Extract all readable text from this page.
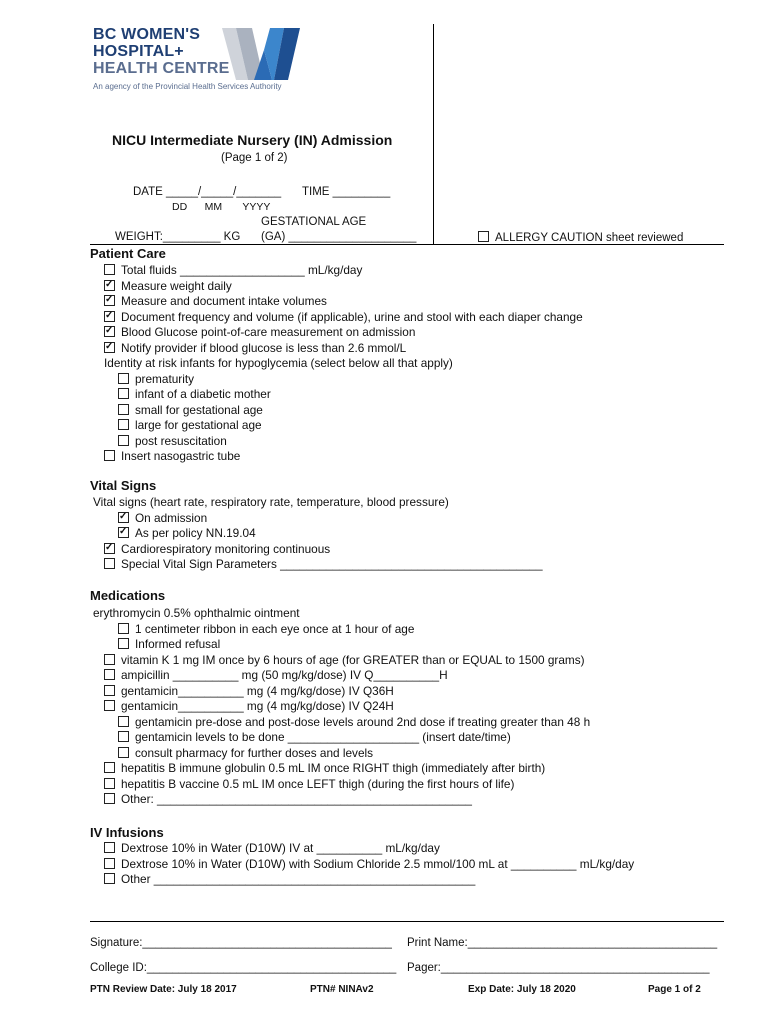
BC WOMEN'S
HOSPITAL+
HEALTH CENTRE
An agency of the Provincial Health Services Authority
NICU Intermediate Nursery (IN) Admission
(Page 1 of 2)
DATE _____/_____/_______ TIME _________
DD      MM       YYYY
GESTATIONAL AGE
WEIGHT:_________ KG (GA) ____________________	ALLERGY CAUTION sheet reviewed
Patient Care
Total fluids ___________________ mL/kg/day
✓Measure weight daily
✓Measure and document intake volumes
✓Document frequency and volume (if applicable), urine and stool with each diaper change
✓Blood Glucose point-of-care measurement on admission
✓Notify provider if blood glucose is less than 2.6 mmol/L
Identity at risk infants for hypoglycemia (select below all that apply)
prematurity
infant of a diabetic mother
small for gestational age
large for gestational age
post resuscitation
Insert nasogastric tube
Vital Signs
Vital signs (heart rate, respiratory rate, temperature, blood pressure)
✓On admission
✓As per policy NN.19.04
✓Cardiorespiratory monitoring continuous
Special Vital Sign Parameters ________________________________________
Medications
erythromycin 0.5% ophthalmic ointment
1 centimeter ribbon in each eye once at 1 hour of age
Informed refusal
vitamin K 1 mg IM once by 6 hours of age (for GREATER than or EQUAL to 1500 grams)
ampicillin __________ mg (50 mg/kg/dose) IV Q__________H
gentamicin__________ mg (4 mg/kg/dose) IV Q36H
gentamicin__________ mg (4 mg/kg/dose) IV Q24H
gentamicin pre-dose and post-dose levels around 2nd dose if treating greater than 48 h
gentamicin levels to be done ____________________ (insert date/time)
consult pharmacy for further doses and levels
hepatitis B immune globulin 0.5 mL IM once RIGHT thigh (immediately after birth)
hepatitis B vaccine 0.5 mL IM once LEFT thigh (during the first hours of life)
Other: ________________________________________________
IV Infusions
Dextrose 10% in Water (D10W) IV at __________ mL/kg/day
Dextrose 10% in Water (D10W) with Sodium Chloride 2.5 mmol/100 mL at __________ mL/kg/day
Other _________________________________________________
Signature:_______________________________________ Print Name:_______________________________________
College ID:_______________________________________ Pager:__________________________________________
PTN Review Date: July 18 2017	PTN# NINAv2	Exp Date: July 18 2020	Page 1 of 2
